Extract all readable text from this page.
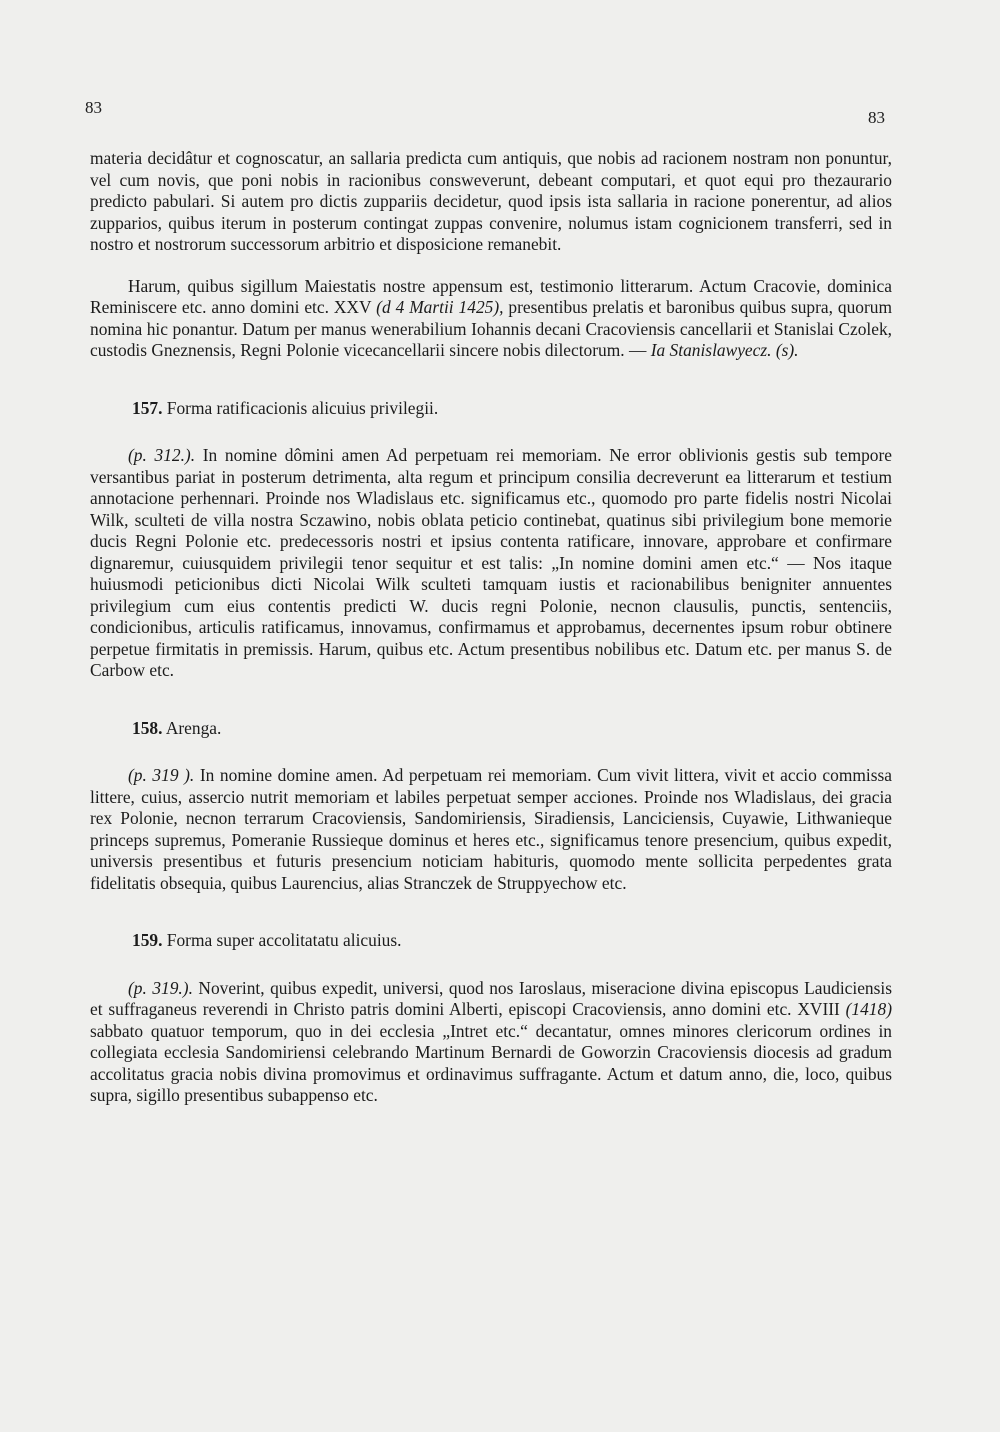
83
83

materia decidâtur et cognoscatur, an sallaria predicta cum antiquis, que nobis ad racionem nostram non ponuntur, vel cum novis, que poni nobis in racionibus consweverunt, debeant computari, et quot equi pro thezaurario predicto pabulari. Si autem pro dictis zuppariis decidetur, quod ipsis ista sallaria in racione ponerentur, ad alios zupparios, quibus iterum in posterum contingat zuppas convenire, nolumus istam cognicionem transferri, sed in nostro et nostrorum successorum arbitrio et disposicione remanebit.

Harum, quibus sigillum Maiestatis nostre appensum est, testimonio litterarum. Actum Cracovie, dominica Reminiscere etc. anno domini etc. XXV (d 4 Martii 1425), presentibus prelatis et baronibus quibus supra, quorum nomina hic ponantur. Datum per manus wenerabilium Iohannis decani Cracoviensis cancellarii et Stanislai Czolek, custodis Gneznensis, Regni Polonie vicecancellarii sincere nobis dilectorum. — Ia Stanislawyecz. (s).

157. Forma ratificacionis alicuius privilegii.

(p. 312.). In nomine dômini amen Ad perpetuam rei memoriam. Ne error oblivionis gestis sub tempore versantibus pariat in posterum detrimenta, alta regum et principum consilia decreverunt ea litterarum et testium annotacione perhennari. Proinde nos Wladislaus etc. significamus etc., quomodo pro parte fidelis nostri Nicolai Wilk, sculteti de villa nostra Sczawino, nobis oblata peticio continebat, quatinus sibi privilegium bone memorie ducis Regni Polonie etc. predecessoris nostri et ipsius contenta ratificare, innovare, approbare et confirmare dignaremur, cuiusquidem privilegii tenor sequitur et est talis: „In nomine domini amen etc.“ — Nos itaque huiusmodi peticionibus dicti Nicolai Wilk sculteti tamquam iustis et racionabilibus benigniter annuentes privilegium cum eius contentis predicti W. ducis regni Polonie, necnon clausulis, punctis, sentenciis, condicionibus, articulis ratificamus, innovamus, confirmamus et approbamus, decernentes ipsum robur obtinere perpetue firmitatis in premissis. Harum, quibus etc. Actum presentibus nobilibus etc. Datum etc. per manus S. de Carbow etc.

158. Arenga.

(p. 319 ). In nomine domine amen. Ad perpetuam rei memoriam. Cum vivit littera, vivit et accio commissa littere, cuius, assercio nutrit memoriam et labiles perpetuat semper acciones. Proinde nos Wladislaus, dei gracia rex Polonie, necnon terrarum Cracoviensis, Sandomiriensis, Siradiensis, Lanciciensis, Cuyawie, Lithwanieque princeps supremus, Pomeranie Russieque dominus et heres etc., significamus tenore presencium, quibus expedit, universis presentibus et futuris presencium noticiam habituris, quomodo mente sollicita perpedentes grata fidelitatis obsequia, quibus Laurencius, alias Stranczek de Struppyechow etc.

159. Forma super accolitatatu alicuius.

(p. 319.). Noverint, quibus expedit, universi, quod nos Iaroslaus, miseracione divina episcopus Laudiciensis et suffraganeus reverendi in Christo patris domini Alberti, episcopi Cracoviensis, anno domini etc. XVIII (1418) sabbato quatuor temporum, quo in dei ecclesia „Intret etc.“ decantatur, omnes minores clericorum ordines in collegiata ecclesia Sandomiriensi celebrando Martinum Bernardi de Goworzin Cracoviensis diocesis ad gradum accolitatus gracia nobis divina promovimus et ordinavimus suffragante. Actum et datum anno, die, loco, quibus supra, sigillo presentibus subappenso etc.
